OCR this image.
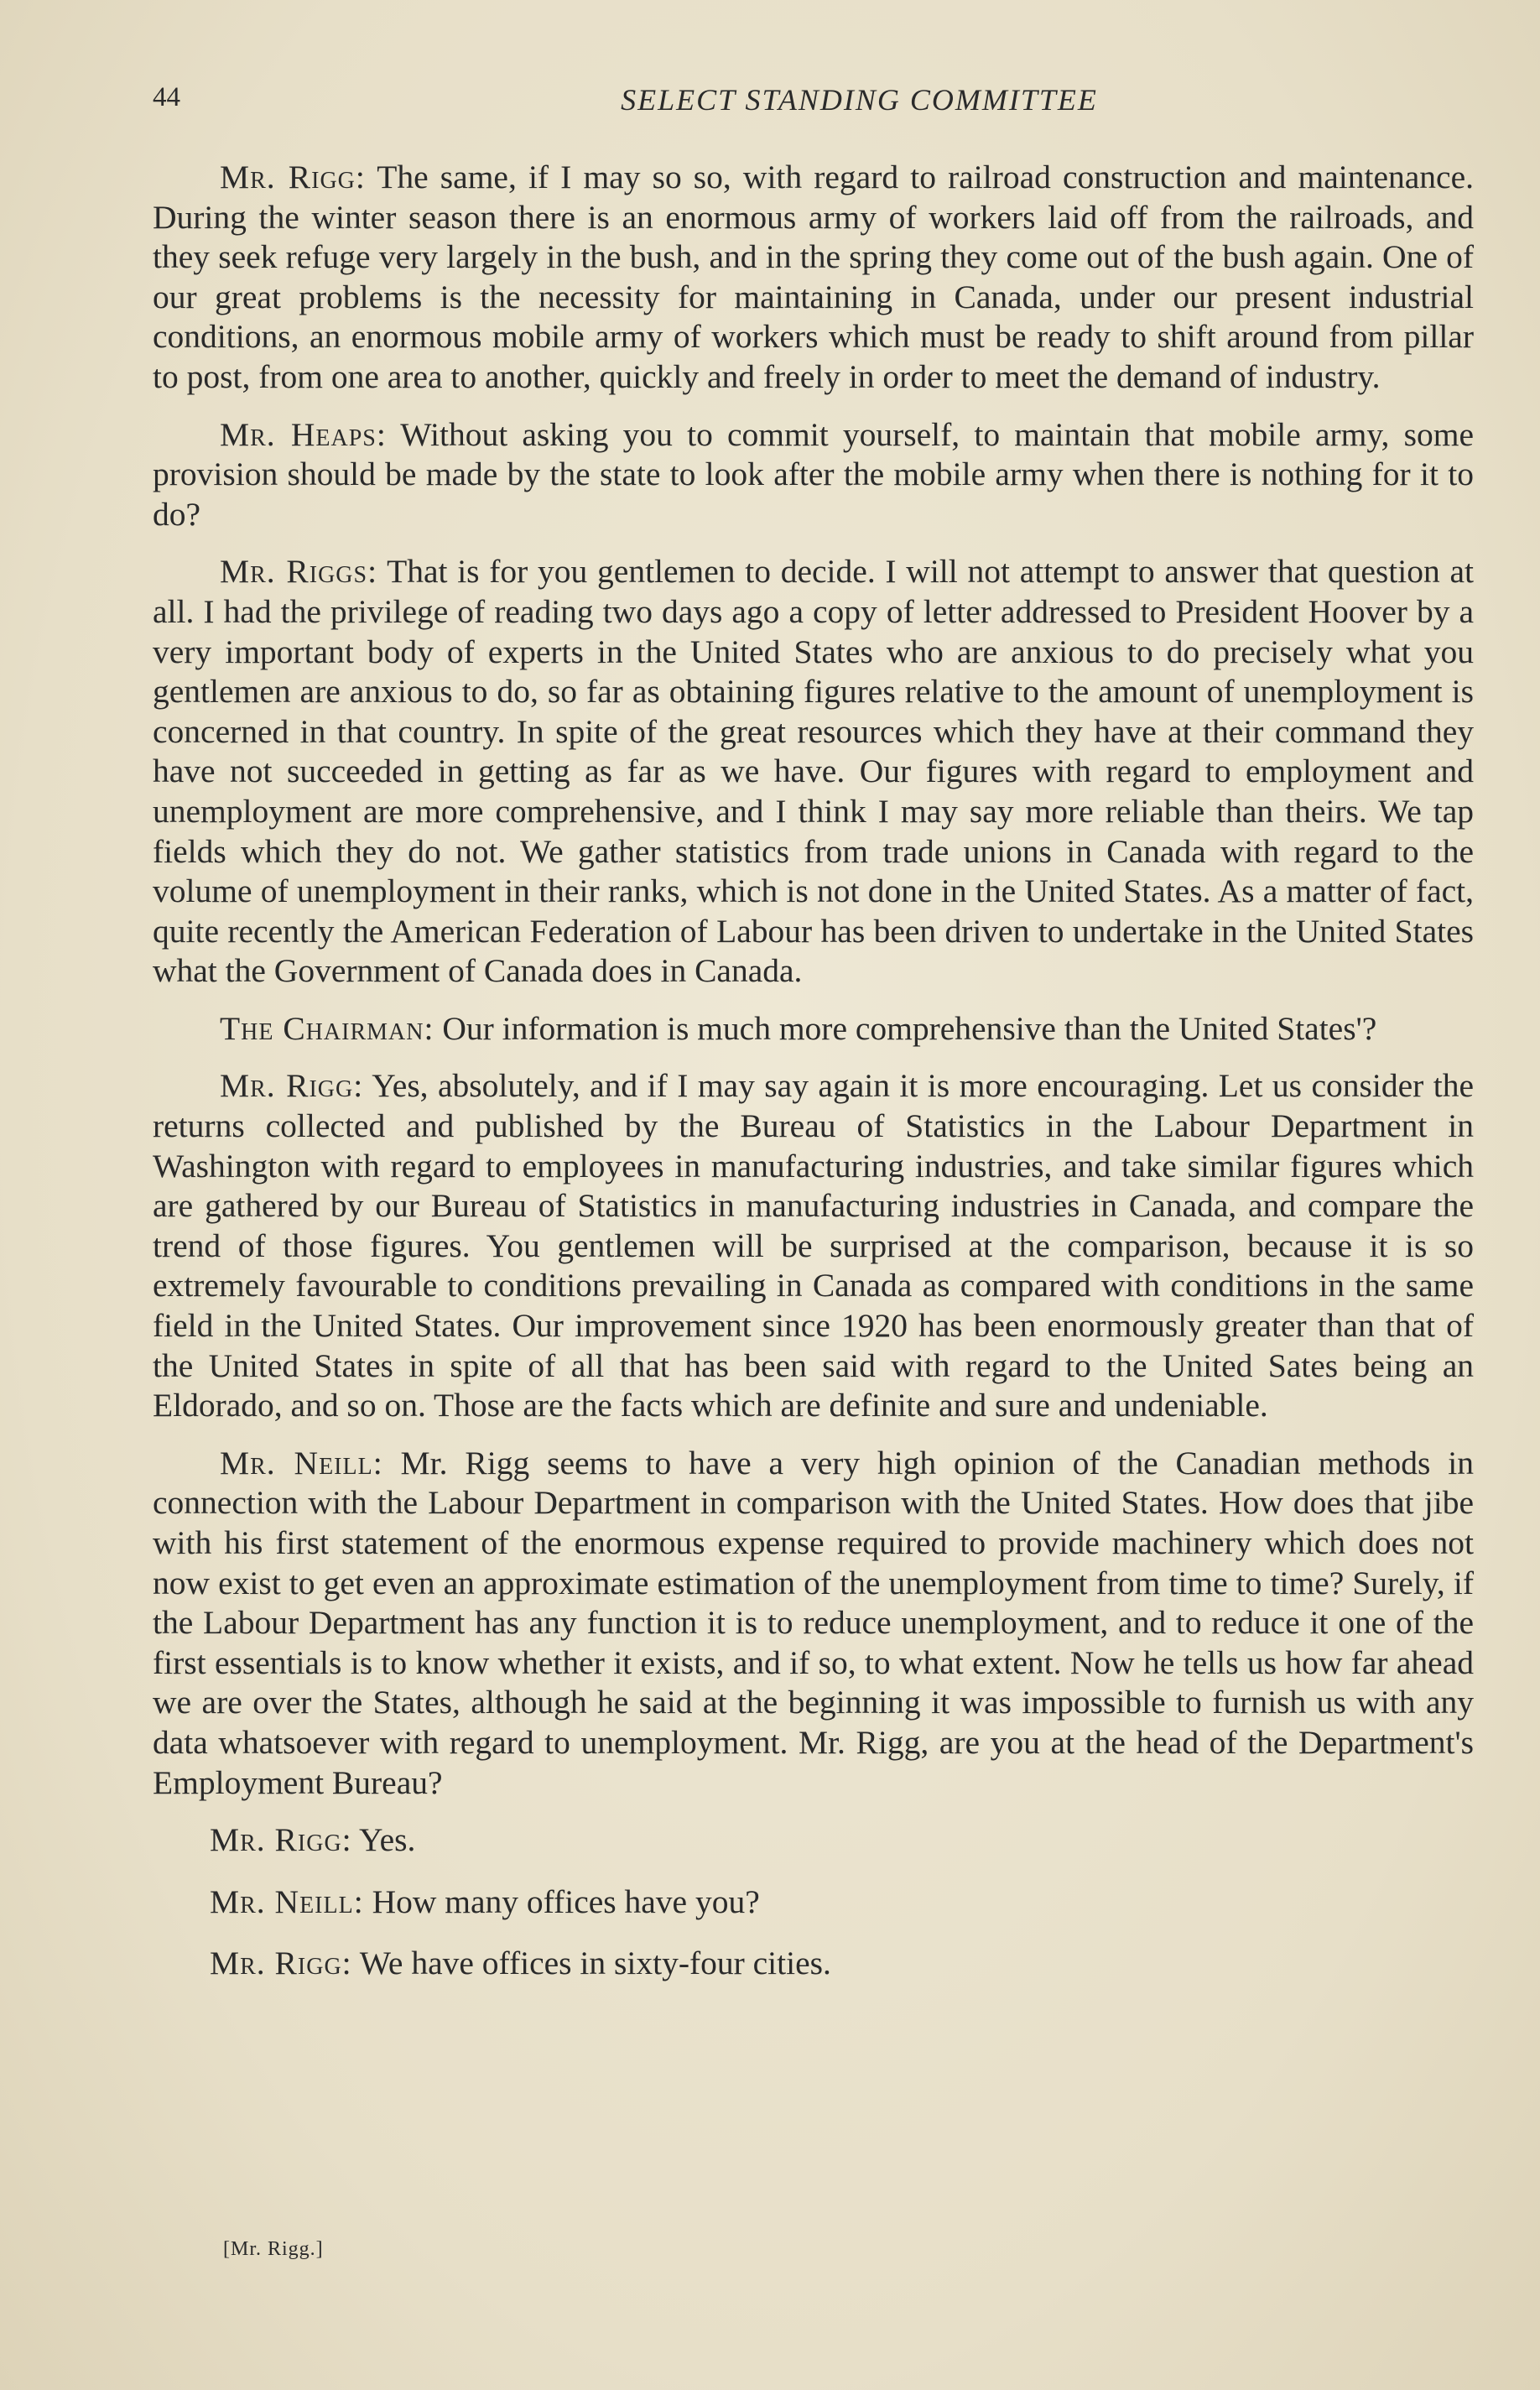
44	SELECT STANDING COMMITTEE

Mr. Rigg: The same, if I may so so, with regard to railroad construction and maintenance. During the winter season there is an enormous army of workers laid off from the railroads, and they seek refuge very largely in the bush, and in the spring they come out of the bush again. One of our great problems is the necessity for maintaining in Canada, under our present industrial conditions, an enormous mobile army of workers which must be ready to shift around from pillar to post, from one area to another, quickly and freely in order to meet the demand of industry.

Mr. Heaps: Without asking you to commit yourself, to maintain that mobile army, some provision should be made by the state to look after the mobile army when there is nothing for it to do?

Mr. Riggs: That is for you gentlemen to decide. I will not attempt to answer that question at all. I had the privilege of reading two days ago a copy of letter addressed to President Hoover by a very important body of experts in the United States who are anxious to do precisely what you gentlemen are anxious to do, so far as obtaining figures relative to the amount of unemployment is concerned in that country. In spite of the great resources which they have at their command they have not succeeded in getting as far as we have. Our figures with regard to employment and unemployment are more comprehensive, and I think I may say more reliable than theirs. We tap fields which they do not. We gather statistics from trade unions in Canada with regard to the volume of unemployment in their ranks, which is not done in the United States. As a matter of fact, quite recently the American Federation of Labour has been driven to undertake in the United States what the Government of Canada does in Canada.

The Chairman: Our information is much more comprehensive than the United States'?

Mr. Rigg: Yes, absolutely, and if I may say again it is more encouraging. Let us consider the returns collected and published by the Bureau of Statistics in the Labour Department in Washington with regard to employees in manufacturing industries, and take similar figures which are gathered by our Bureau of Statistics in manufacturing industries in Canada, and compare the trend of those figures. You gentlemen will be surprised at the comparison, because it is so extremely favourable to conditions prevailing in Canada as compared with conditions in the same field in the United States. Our improvement since 1920 has been enormously greater than that of the United States in spite of all that has been said with regard to the United Sates being an Eldorado, and so on. Those are the facts which are definite and sure and undeniable.

Mr. Neill: Mr. Rigg seems to have a very high opinion of the Canadian methods in connection with the Labour Department in comparison with the United States. How does that jibe with his first statement of the enormous expense required to provide machinery which does not now exist to get even an approximate estimation of the unemployment from time to time? Surely, if the Labour Department has any function it is to reduce unemployment, and to reduce it one of the first essentials is to know whether it exists, and if so, to what extent. Now he tells us how far ahead we are over the States, although he said at the beginning it was impossible to furnish us with any data whatsoever with regard to unemployment. Mr. Rigg, are you at the head of the Department's Employment Bureau?

Mr. Rigg: Yes.

Mr. Neill: How many offices have you?

Mr. Rigg: We have offices in sixty-four cities.

[Mr. Rigg.]
